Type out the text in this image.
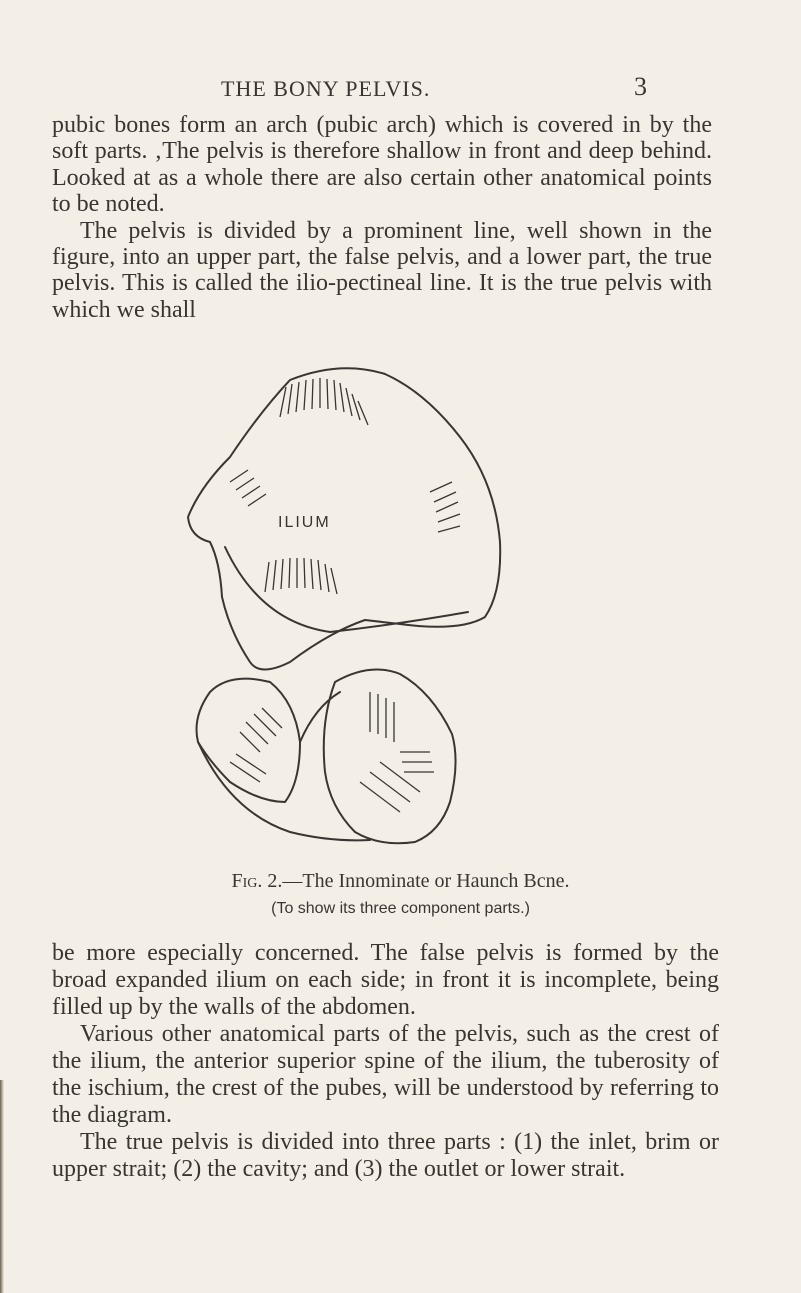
THE BONY PELVIS.	3

pubic bones form an arch (pubic arch) which is covered in by the soft parts. ‚The pelvis is therefore shallow in front and deep behind. Looked at as a whole there are also certain other anatomical points to be noted.

The pelvis is divided by a prominent line, well shown in the figure, into an upper part, the false pelvis, and a lower part, the true pelvis. This is called the ilio-pectineal line. It is the true pelvis with which we shall

ILIUM
Fig. 2.—The Innominate or Haunch Bcne.
(To show its three component parts.)

be more especially concerned. The false pelvis is formed by the broad expanded ilium on each side; in front it is incomplete, being filled up by the walls of the abdomen.

Various other anatomical parts of the pelvis, such as the crest of the ilium, the anterior superior spine of the ilium, the tuberosity of the ischium, the crest of the pubes, will be understood by referring to the diagram.

The true pelvis is divided into three parts : (1) the inlet, brim or upper strait; (2) the cavity; and (3) the outlet or lower strait.
